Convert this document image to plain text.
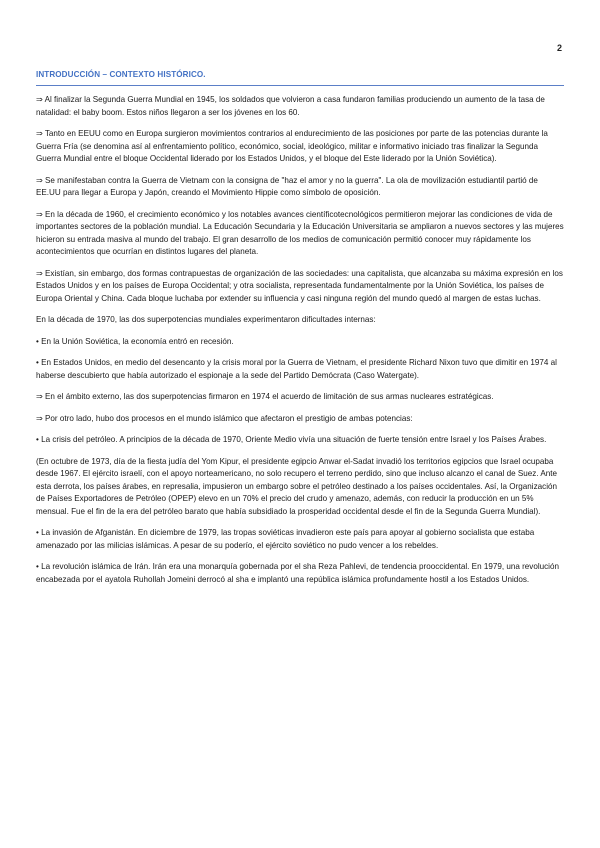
2
INTRODUCCIÓN – CONTEXTO HISTÓRICO.

⇒ Al finalizar la Segunda Guerra Mundial en 1945, los soldados que volvieron a casa fundaron familias produciendo un aumento de la tasa de natalidad: el baby boom. Estos niños llegaron a ser los jóvenes en los 60.

⇒ Tanto en EEUU como en Europa surgieron movimientos contrarios al endurecimiento de las posiciones por parte de las potencias durante la Guerra Fría (se denomina así al enfrentamiento político, económico, social, ideológico, militar e informativo iniciado tras finalizar la Segunda Guerra Mundial entre el bloque Occidental liderado por los Estados Unidos, y el bloque del Este liderado por la Unión Soviética).

⇒ Se manifestaban contra la Guerra de Vietnam con la consigna de "haz el amor y no la guerra". La ola de movilización estudiantil partió de EE.UU para llegar a Europa y Japón, creando el Movimiento Hippie como símbolo de oposición.

⇒ En la década de 1960, el crecimiento económico y los notables avances científicotecnológicos permitieron mejorar las condiciones de vida de importantes sectores de la población mundial. La Educación Secundaria y la Educación Universitaria se ampliaron a nuevos sectores y las mujeres hicieron su entrada masiva al mundo del trabajo. El gran desarrollo de los medios de comunicación permitió conocer muy rápidamente los acontecimientos que ocurrían en distintos lugares del planeta.

⇒ Existían, sin embargo, dos formas contrapuestas de organización de las sociedades: una capitalista, que alcanzaba su máxima expresión en los Estados Unidos y en los países de Europa Occidental; y otra socialista, representada fundamentalmente por la Unión Soviética, los países de Europa Oriental y China. Cada bloque luchaba por extender su influencia y casi ninguna región del mundo quedó al margen de estas luchas.

En la década de 1970, las dos superpotencias mundiales experimentaron dificultades internas:

• En la Unión Soviética, la economía entró en recesión.

• En Estados Unidos, en medio del desencanto y la crisis moral por la Guerra de Vietnam, el presidente Richard Nixon tuvo que dimitir en 1974 al haberse descubierto que había autorizado el espionaje a la sede del Partido Demócrata (Caso Watergate).

⇒ En el ámbito externo, las dos superpotencias firmaron en 1974 el acuerdo de limitación de sus armas nucleares estratégicas.

⇒ Por otro lado, hubo dos procesos en el mundo islámico que afectaron el prestigio de ambas potencias:

• La crisis del petróleo. A principios de la década de 1970, Oriente Medio vivía una situación de fuerte tensión entre Israel y los Países Árabes.

(En octubre de 1973, día de la fiesta judía del Yom Kipur, el presidente egipcio Anwar el-Sadat invadió los territorios egipcios que Israel ocupaba desde 1967. El ejército israelí, con el apoyo norteamericano, no solo recupero el terreno perdido, sino que incluso alcanzo el canal de Suez. Ante esta derrota, los países árabes, en represalia, impusieron un embargo sobre el petróleo destinado a los países occidentales. Así, la Organización de Países Exportadores de Petróleo (OPEP) elevo en un 70% el precio del crudo y amenazo, además, con reducir la producción en un 5% mensual. Fue el fin de la era del petróleo barato que había subsidiado la prosperidad occidental desde el fin de la Segunda Guerra Mundial).

• La invasión de Afganistán. En diciembre de 1979, las tropas soviéticas invadieron este país para apoyar al gobierno socialista que estaba amenazado por las milicias islámicas. A pesar de su poderío, el ejército soviético no pudo vencer a los rebeldes.

• La revolución islámica de Irán. Irán era una monarquía gobernada por el sha Reza Pahlevi, de tendencia prooccidental. En 1979, una revolución encabezada por el ayatola Ruhollah Jomeini derrocó al sha e implantó una república islámica profundamente hostil a los Estados Unidos.
